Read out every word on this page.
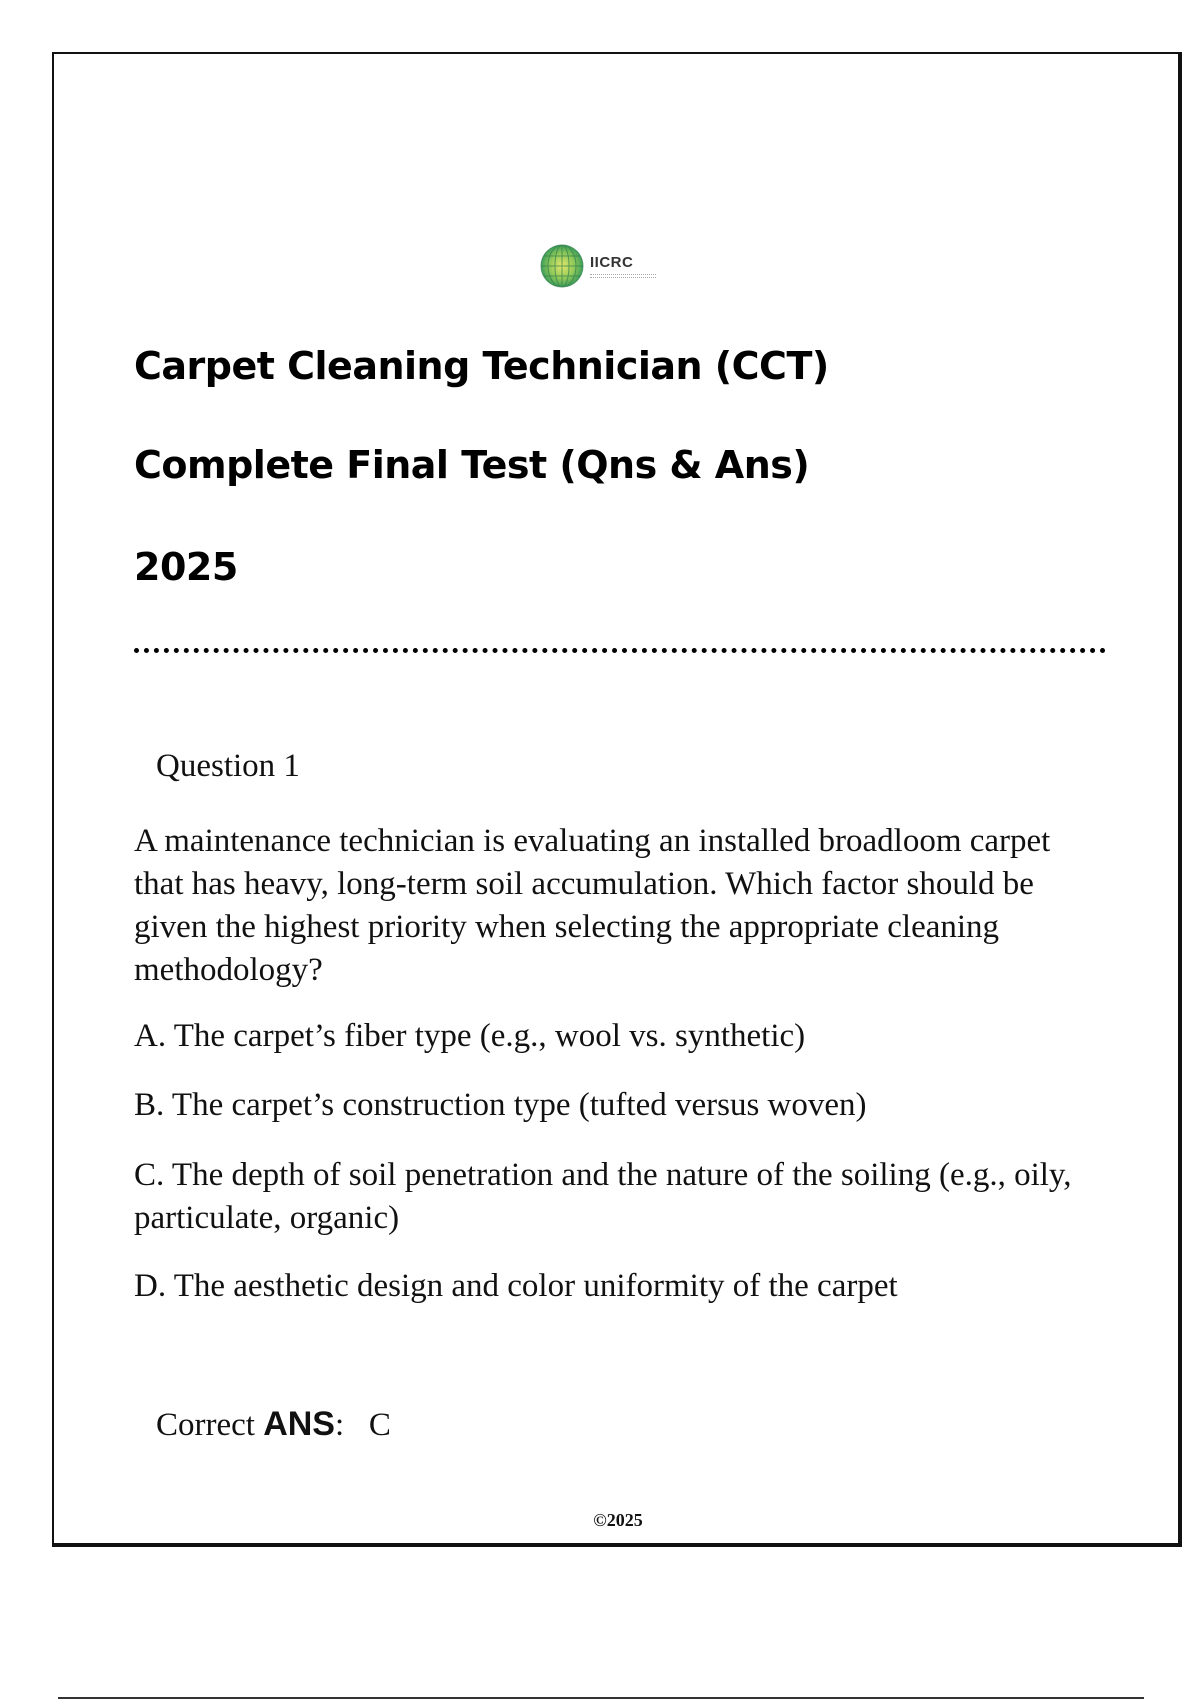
IICRC
Carpet Cleaning Technician (CCT)
Complete Final Test (Qns & Ans)
2025
Question 1

A maintenance technician is evaluating an installed broadloom carpet that has heavy, long-term soil accumulation. Which factor should be given the highest priority when selecting the appropriate cleaning methodology?

A. The carpet’s fiber type (e.g., wool vs. synthetic)
B. The carpet’s construction type (tufted versus woven)
C. The depth of soil penetration and the nature of the soiling (e.g., oily, particulate, organic)
D. The aesthetic design and color uniformity of the carpet
Correct ANS: C
©2025
